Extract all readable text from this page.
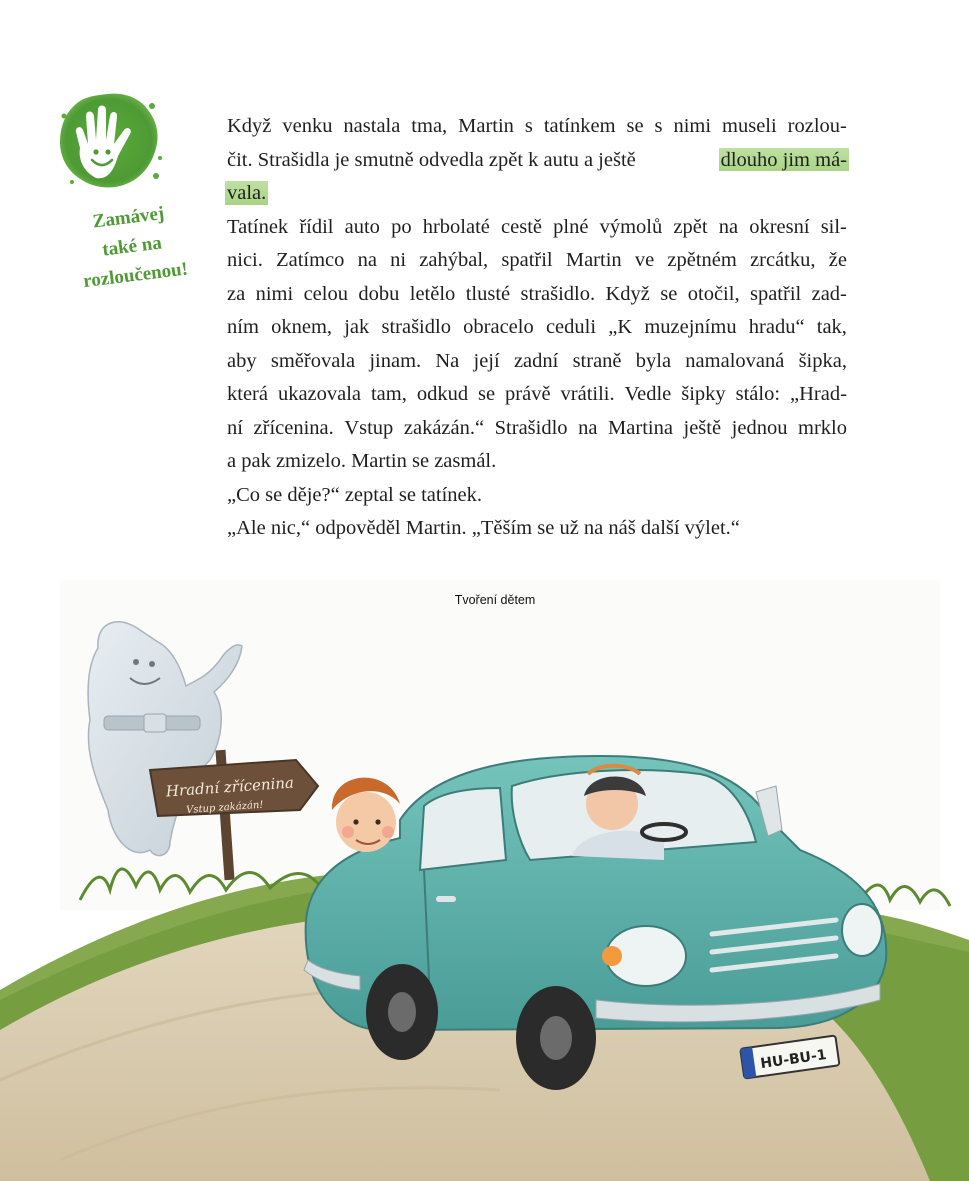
Zamávej
také na
rozloučenou!
Když venku nastala tma, Martin s tatínkem se s nimi museli rozlou-
čit. Strašidla je smutně odvedla zpět k autu a ještě	dlouho jim má-
vala.
Tatínek řídil auto po hrbolaté cestě plné výmolů zpět na okresní sil-
nici. Zatímco na ni zahýbal, spatřil Martin ve zpětném zrcátku, že
za nimi celou dobu letělo tlusté strašidlo. Když se otočil, spatřil zad-
ním oknem, jak strašidlo obracelo ceduli „K muzejnímu hradu“ tak,
aby směřovala jinam. Na její zadní straně byla namalovaná šipka,
která ukazovala tam, odkud se právě vrátili. Vedle šipky stálo: „Hrad-
ní zřícenina. Vstup zakázán.“ Strašidlo na Martina ještě jednou mrklo
a pak zmizelo. Martin se zasmál.
„Co se děje?“ zeptal se tatínek.
„Ale nic,“ odpověděl Martin. „Těším se už na náš další výlet.“
Hradní zřícenina
Vstup zakázán!
HU-BU-1
Tvoření dětem
